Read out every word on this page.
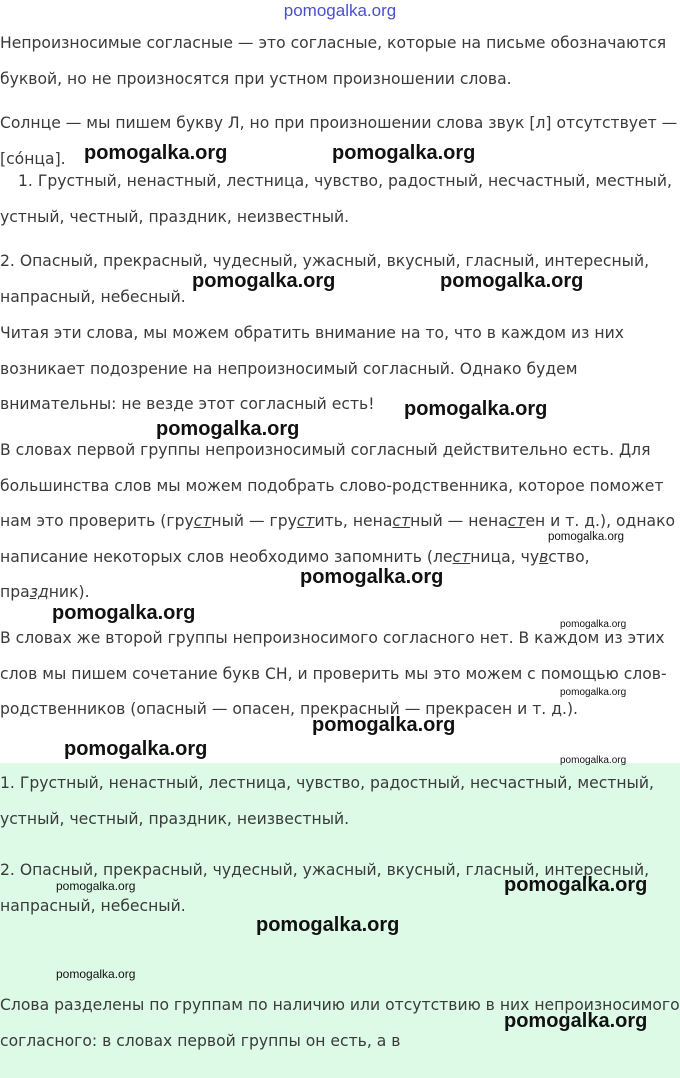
pomogalka.org

Непроизносимые согласные — это согласные, которые на письме обозначаются буквой, но не произносятся при устном произношении слова.

Солнце — мы пишем букву Л, но при произношении слова звук [л] отсутствует — [со́нца].

1. Грустный, ненастный, лестница, чувство, радостный, несчастный, местный, устный, честный, праздник, неизвестный.

2. Опасный, прекрасный, чудесный, ужасный, вкусный, гласный, интересный, напрасный, небесный.

Читая эти слова, мы можем обратить внимание на то, что в каждом из них возникает подозрение на непроизносимый согласный. Однако будем внимательны: не везде этот согласный есть!

В словах первой группы непроизносимый согласный действительно есть. Для большинства слов мы можем подобрать слово-родственника, которое поможет нам это проверить (грустный — грустить, ненастный — ненастен и т. д.), однако написание некоторых слов необходимо запомнить (лестница, чувство, праздник).

В словах же второй группы непроизносимого согласного нет. В каждом из этих слов мы пишем сочетание букв СН, и проверить мы это можем с помощью слов-родственников (опасный — опасен, прекрасный — прекрасен и т. д.).

1. Грустный, ненастный, лестница, чувство, радостный, несчастный, местный, устный, честный, праздник, неизвестный.

2. Опасный, прекрасный, чудесный, ужасный, вкусный, гласный, интересный, напрасный, небесный.

Слова разделены по группам по наличию или отсутствию в них непроизносимого согласного: в словах первой группы он есть, а в

pomogalka.org	pomogalka.org
pomogalka.org	pomogalka.org
pomogalka.org
pomogalka.org
pomogalka.org
pomogalka.org
pomogalka.org
pomogalka.org
pomogalka.org
pomogalka.org
pomogalka.org
pomogalka.org
pomogalka.org	pomogalka.org
pomogalka.org
pomogalka.org
pomogalka.org
